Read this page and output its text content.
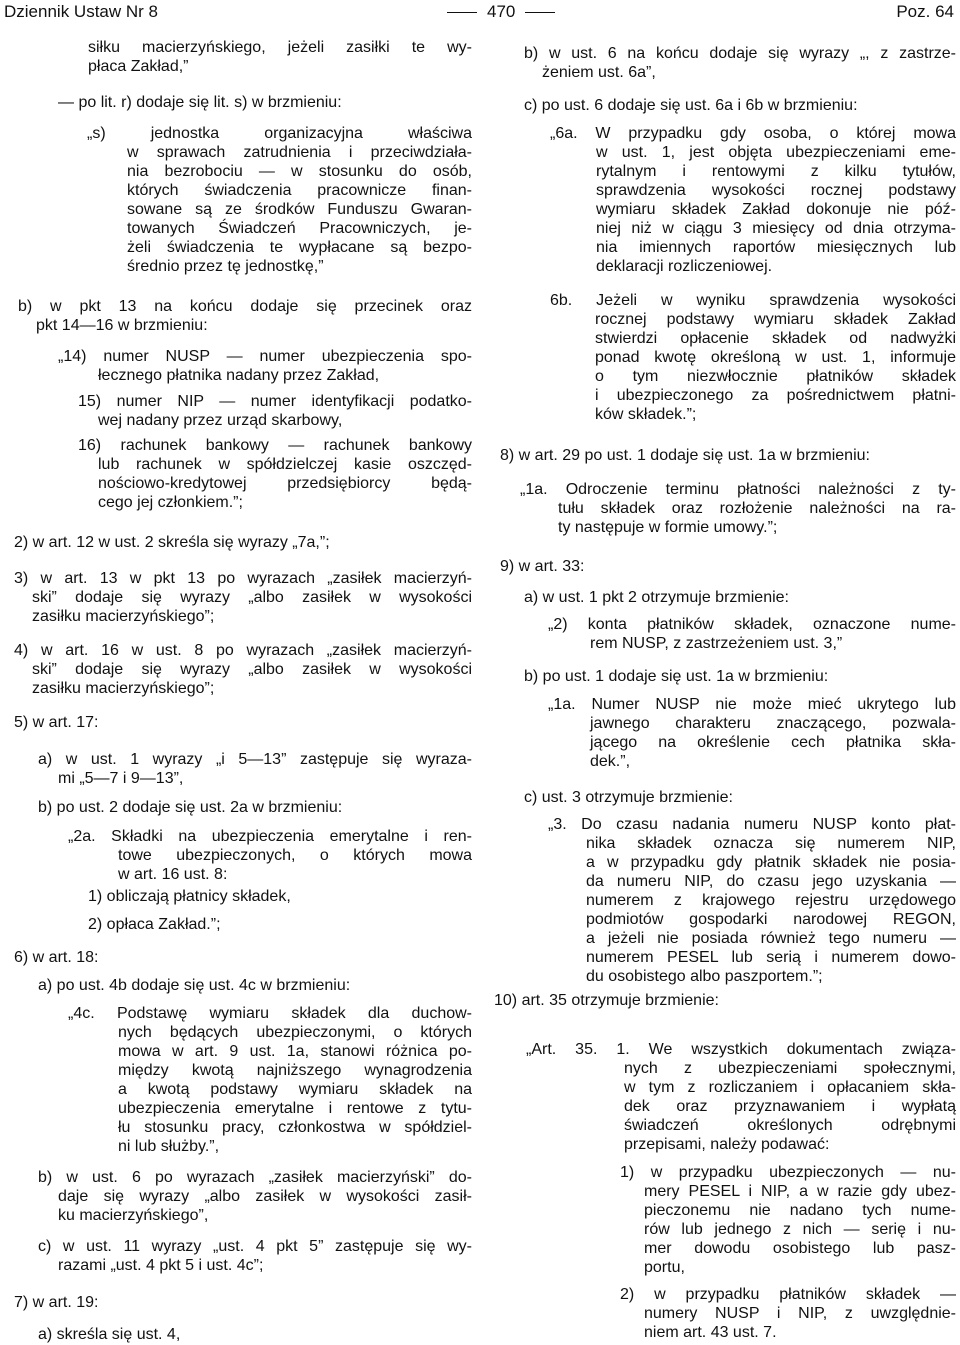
Dziennik Ustaw Nr 8	470	Poz. 64
siłku macierzyńskiego, jeżeli zasiłki te wy-
płaca Zakład,”
— po lit. r) dodaje się lit. s) w brzmieniu:
„s) jednostka organizacyjna właściwa
w sprawach zatrudnienia i przeciwdziała-
nia bezrobociu — w stosunku do osób,
których świadczenia pracownicze finan-
sowane są ze środków Funduszu Gwaran-
towanych Świadczeń Pracowniczych, je-
żeli świadczenia te wypłacane są bezpo-
średnio przez tę jednostkę,”
b) w pkt 13 na końcu dodaje się przecinek oraz
pkt 14—16 w brzmieniu:
„14) numer NUSP — numer ubezpieczenia spo-
łecznego płatnika nadany przez Zakład,
15) numer NIP — numer identyfikacji podatko-
wej nadany przez urząd skarbowy,
16) rachunek bankowy — rachunek bankowy
lub rachunek w spółdzielczej kasie oszczęd-
nościowo-kredytowej przedsiębiorcy będą-
cego jej członkiem.”;
2) w art. 12 w ust. 2 skreśla się wyrazy „7a,”;
3) w art. 13 w pkt 13 po wyrazach „zasiłek macierzyń-
ski” dodaje się wyrazy „albo zasiłek w wysokości
zasiłku macierzyńskiego”;
4) w art. 16 w ust. 8 po wyrazach „zasiłek macierzyń-
ski” dodaje się wyrazy „albo zasiłek w wysokości
zasiłku macierzyńskiego”;
5) w art. 17:
a) w ust. 1 wyrazy „i 5—13” zastępuje się wyraza-
mi „5—7 i 9—13”,
b) po ust. 2 dodaje się ust. 2a w brzmieniu:
„2a. Składki na ubezpieczenia emerytalne i ren-
towe ubezpieczonych, o których mowa
w art. 16 ust. 8:
1) obliczają płatnicy składek,
2) opłaca Zakład.”;
6) w art. 18:
a) po ust. 4b dodaje się ust. 4c w brzmieniu:
„4c. Podstawę wymiaru składek dla duchow-
nych będących ubezpieczonymi, o których
mowa w art. 9 ust. 1a, stanowi różnica po-
między kwotą najniższego wynagrodzenia
a kwotą podstawy wymiaru składek na
ubezpieczenia emerytalne i rentowe z tytu-
łu stosunku pracy, członkostwa w spółdziel-
ni lub służby.”,
b) w ust. 6 po wyrazach „zasiłek macierzyński” do-
daje się wyrazy „albo zasiłek w wysokości zasił-
ku macierzyńskiego”,
c) w ust. 11 wyrazy „ust. 4 pkt 5” zastępuje się wy-
razami „ust. 4 pkt 5 i ust. 4c”;
7) w art. 19:
a) skreśla się ust. 4,
b) w ust. 6 na końcu dodaje się wyrazy „, z zastrze-
żeniem ust. 6a”,
c) po ust. 6 dodaje się ust. 6a i 6b w brzmieniu:
„6a. W przypadku gdy osoba, o której mowa
w ust. 1, jest objęta ubezpieczeniami eme-
rytalnym i rentowymi z kilku tytułów,
sprawdzenia wysokości rocznej podstawy
wymiaru składek Zakład dokonuje nie póź-
niej niż w ciągu 3 miesięcy od dnia otrzyma-
nia imiennych raportów miesięcznych lub
deklaracji rozliczeniowej.
6b. Jeżeli w wyniku sprawdzenia wysokości
rocznej podstawy wymiaru składek Zakład
stwierdzi opłacenie składek od nadwyżki
ponad kwotę określoną w ust. 1, informuje
o tym niezwłocznie płatników składek
i ubezpieczonego za pośrednictwem płatni-
ków składek.”;
8) w art. 29 po ust. 1 dodaje się ust. 1a w brzmieniu:
„1a. Odroczenie terminu płatności należności z ty-
tułu składek oraz rozłożenie należności na ra-
ty następuje w formie umowy.”;
9) w art. 33:
a) w ust. 1 pkt 2 otrzymuje brzmienie:
„2) konta płatników składek, oznaczone nume-
rem NUSP, z zastrzeżeniem ust. 3,”
b) po ust. 1 dodaje się ust. 1a w brzmieniu:
„1a. Numer NUSP nie może mieć ukrytego lub
jawnego charakteru znaczącego, pozwala-
jącego na określenie cech płatnika skła-
dek.”,
c) ust. 3 otrzymuje brzmienie:
„3. Do czasu nadania numeru NUSP konto płat-
nika składek oznacza się numerem NIP,
a w przypadku gdy płatnik składek nie posia-
da numeru NIP, do czasu jego uzyskania —
numerem z krajowego rejestru urzędowego
podmiotów gospodarki narodowej REGON,
a jeżeli nie posiada również tego numeru —
numerem PESEL lub serią i numerem dowo-
du osobistego albo paszportem.”;
10) art. 35 otrzymuje brzmienie:
„Art. 35. 1. We wszystkich dokumentach związa-
nych z ubezpieczeniami społecznymi,
w tym z rozliczaniem i opłacaniem skła-
dek oraz przyznawaniem i wypłatą
świadczeń określonych odrębnymi
przepisami, należy podawać:
1) w przypadku ubezpieczonych — nu-
mery PESEL i NIP, a w razie gdy ubez-
pieczonemu nie nadano tych nume-
rów lub jednego z nich — serię i nu-
mer dowodu osobistego lub pasz-
portu,
2) w przypadku płatników składek —
numery NUSP i NIP, z uwzględnie-
niem art. 43 ust. 7.
